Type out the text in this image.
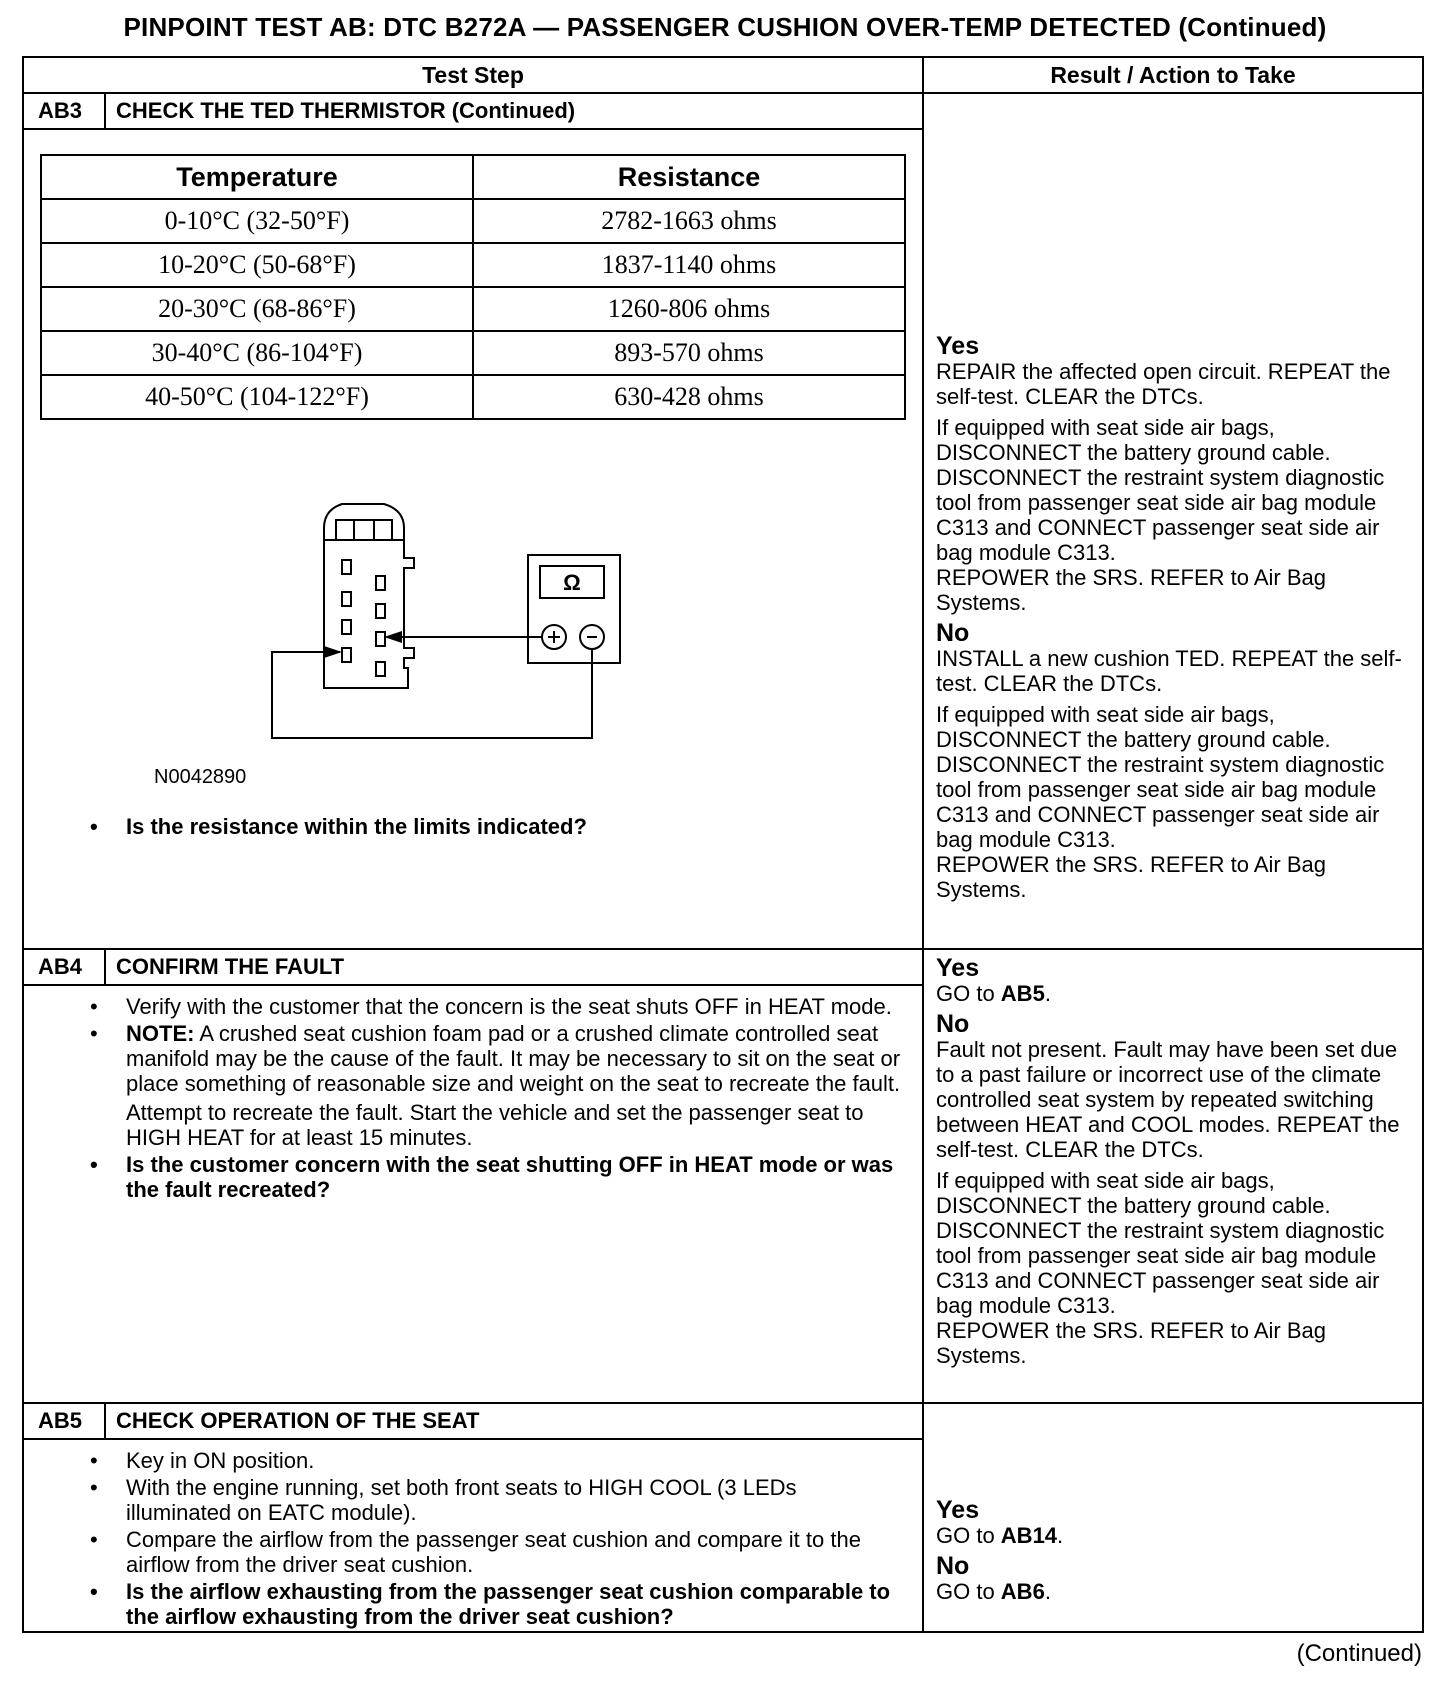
PINPOINT TEST AB: DTC B272A — PASSENGER CUSHION OVER-TEMP DETECTED (Continued)
Test Step	Result / Action to Take

AB3	CHECK THE TED THERMISTOR (Continued)
Temperature	Resistance
0-10°C (32-50°F)	2782-1663 ohms
10-20°C (50-68°F)	1837-1140 ohms
20-30°C (68-86°F)	1260-806 ohms
30-40°C (86-104°F)	893-570 ohms
40-50°C (104-122°F)	630-428 ohms
Ω
N0042890
• Is the resistance within the limits indicated?

Yes

REPAIR the affected open circuit. REPEAT the self-test. CLEAR the DTCs.

If equipped with seat side air bags, DISCONNECT the battery ground cable. DISCONNECT the restraint system diagnostic tool from passenger seat side air bag module C313 and CONNECT passenger seat side air bag module C313.

REPOWER the SRS. REFER to Air Bag Systems.

No

INSTALL a new cushion TED. REPEAT the self-test. CLEAR the DTCs.

If equipped with seat side air bags, DISCONNECT the battery ground cable. DISCONNECT the restraint system diagnostic tool from passenger seat side air bag module C313 and CONNECT passenger seat side air bag module C313.

REPOWER the SRS. REFER to Air Bag Systems.

AB4	CONFIRM THE FAULT
• Verify with the customer that the concern is the seat shuts OFF in HEAT mode.
• NOTE: A crushed seat cushion foam pad or a crushed climate controlled seat manifold may be the cause of the fault. It may be necessary to sit on the seat or place something of reasonable size and weight on the seat to recreate the fault.
Attempt to recreate the fault. Start the vehicle and set the passenger seat to HIGH HEAT for at least 15 minutes.
• Is the customer concern with the seat shutting OFF in HEAT mode or was the fault recreated?

Yes

GO to AB5.

No

Fault not present. Fault may have been set due to a past failure or incorrect use of the climate controlled seat system by repeated switching between HEAT and COOL modes. REPEAT the self-test. CLEAR the DTCs.

If equipped with seat side air bags, DISCONNECT the battery ground cable. DISCONNECT the restraint system diagnostic tool from passenger seat side air bag module C313 and CONNECT passenger seat side air bag module C313.

REPOWER the SRS. REFER to Air Bag Systems.

AB5	CHECK OPERATION OF THE SEAT
• Key in ON position.
• With the engine running, set both front seats to HIGH COOL (3 LEDs illuminated on EATC module).
• Compare the airflow from the passenger seat cushion and compare it to the airflow from the driver seat cushion.
• Is the airflow exhausting from the passenger seat cushion comparable to the airflow exhausting from the driver seat cushion?

Yes

GO to AB14.

No

GO to AB6.

(Continued)
